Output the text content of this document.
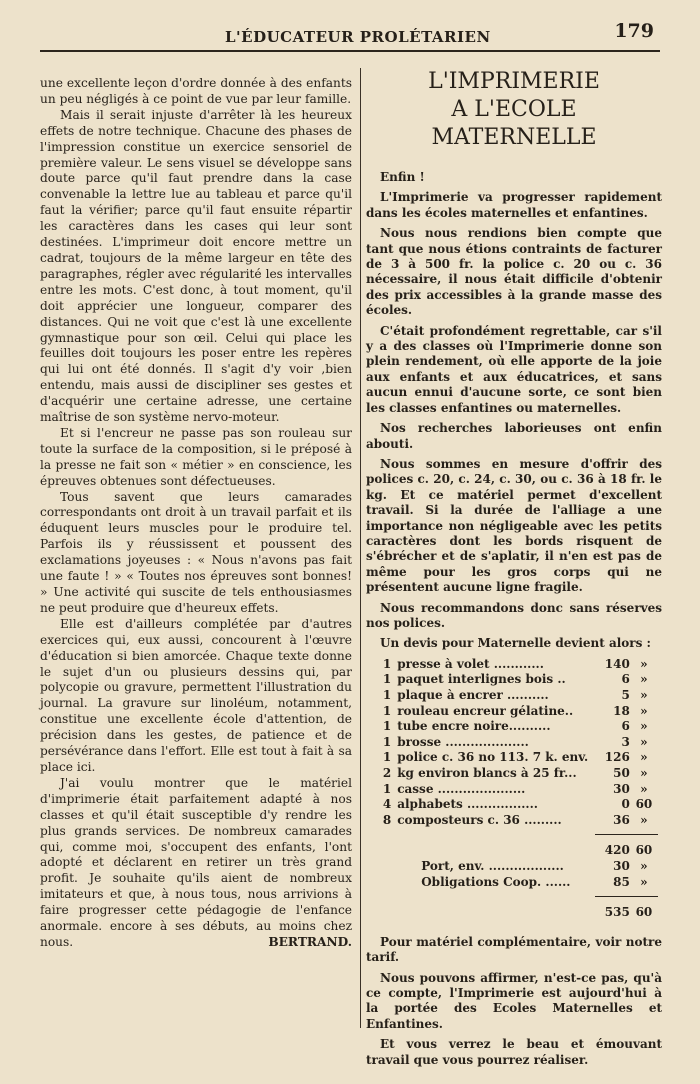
L'ÉDUCATEUR PROLÉTARIEN	179

une excellente leçon d'ordre donnée à des enfants un peu négligés à ce point de vue par leur famille.

Mais il serait injuste d'arrêter là les heureux effets de notre technique. Chacune des phases de l'impression constitue un exercice sensoriel de première valeur. Le sens visuel se développe sans doute parce qu'il faut prendre dans la case convenable la lettre lue au tableau et parce qu'il faut la vérifier; parce qu'il faut ensuite répartir les caractères dans les cases qui leur sont destinées. L'imprimeur doit encore mettre un cadrat, toujours de la même largeur en tête des paragraphes, régler avec régularité les intervalles entre les mots. C'est donc, à tout moment, qu'il doit apprécier une longueur, comparer des distances. Qui ne voit que c'est là une excellente gymnastique pour son œil. Celui qui place les feuilles doit toujours les poser entre les repères qui lui ont été donnés. Il s'agit d'y voir ,bien entendu, mais aussi de discipliner ses gestes et d'acquérir une certaine adresse, une certaine maîtrise de son système nervo-moteur.

Et si l'encreur ne passe pas son rouleau sur toute la surface de la composition, si le préposé à la presse ne fait son « métier » en conscience, les épreuves obtenues sont défectueuses.

Tous savent que leurs camarades correspondants ont droit à un travail parfait et ils éduquent leurs muscles pour le produire tel. Parfois ils y réussissent et poussent des exclamations joyeuses : « Nous n'avons pas fait une faute ! » « Toutes nos épreuves sont bonnes! » Une activité qui suscite de tels enthousiasmes ne peut produire que d'heureux effets.

Elle est d'ailleurs complétée par d'autres exercices qui, eux aussi, concourent à l'œuvre d'éducation si bien amorcée. Chaque texte donne le sujet d'un ou plusieurs dessins qui, par polycopie ou gravure, permettent l'illustration du journal. La gravure sur linoléum, notamment, constitue une excellente école d'attention, de précision dans les gestes, de patience et de persévérance dans l'effort. Elle est tout à fait à sa place ici.

J'ai voulu montrer que le matériel d'imprimerie était parfaitement adapté à nos classes et qu'il était susceptible d'y rendre les plus grands services. De nombreux camarades qui, comme moi, s'occupent des enfants, l'ont adopté et déclarent en retirer un très grand profit. Je souhaite qu'ils aient de nombreux imitateurs et que, à nous tous, nous arrivions à faire progresser cette pédagogie de l'enfance anormale. encore à ses débuts, au moins chez nous.	BERTRAND.
L'IMPRIMERIE
A L'ECOLE MATERNELLE

Enfin !

L'Imprimerie va progresser rapidement dans les écoles maternelles et enfantines.

Nous nous rendions bien compte que tant que nous étions contraints de facturer de 3 à 500 fr. la police c. 20 ou c. 36 nécessaire, il nous était difficile d'obtenir des prix accessibles à la grande masse des écoles.

C'était profondément regrettable, car s'il y a des classes où l'Imprimerie donne son plein rendement, où elle apporte de la joie aux enfants et aux éducatrices, et sans aucun ennui d'aucune sorte, ce sont bien les classes enfantines ou maternelles.

Nos recherches laborieuses ont enfin abouti.

Nous sommes en mesure d'offrir des polices c. 20, c. 24, c. 30, ou c. 36 à 18 fr. le kg. Et ce matériel permet d'excellent travail. Si la durée de l'alliage a une importance non négligeable avec les petits caractères dont les bords risquent de s'ébrécher et de s'aplatir, il n'en est pas de même pour les gros corps qui ne présentent aucune ligne fragile.

Nous recommandons donc sans réserves nos polices.

Un devis pour Maternelle devient alors :

1	presse à volet ............	140	»
1	paquet interlignes bois ..	6	»
1	plaque à encrer ..........	5	»
1	rouleau encreur gélatine..	18	»
1	tube encre noire..........	6	»
1	brosse ....................	3	»
1	police c. 36 no 113. 7 k. env.	126	»
2	kg environ blancs à 25 fr...	50	»
1	casse .....................	30	»
4	alphabets .................	0	60
8	composteurs c. 36 .........	36	»

		420	60
	Port, env. ..................	30	»
	Obligations Coop. ......	85	»

		535	60

Pour matériel complémentaire, voir notre tarif.

Nous pouvons affirmer, n'est-ce pas, qu'à ce compte, l'Imprimerie est aujourd'hui à la portée des Ecoles Maternelles et Enfantines.

Et vous verrez le beau et émouvant travail que vous pourrez réaliser.
